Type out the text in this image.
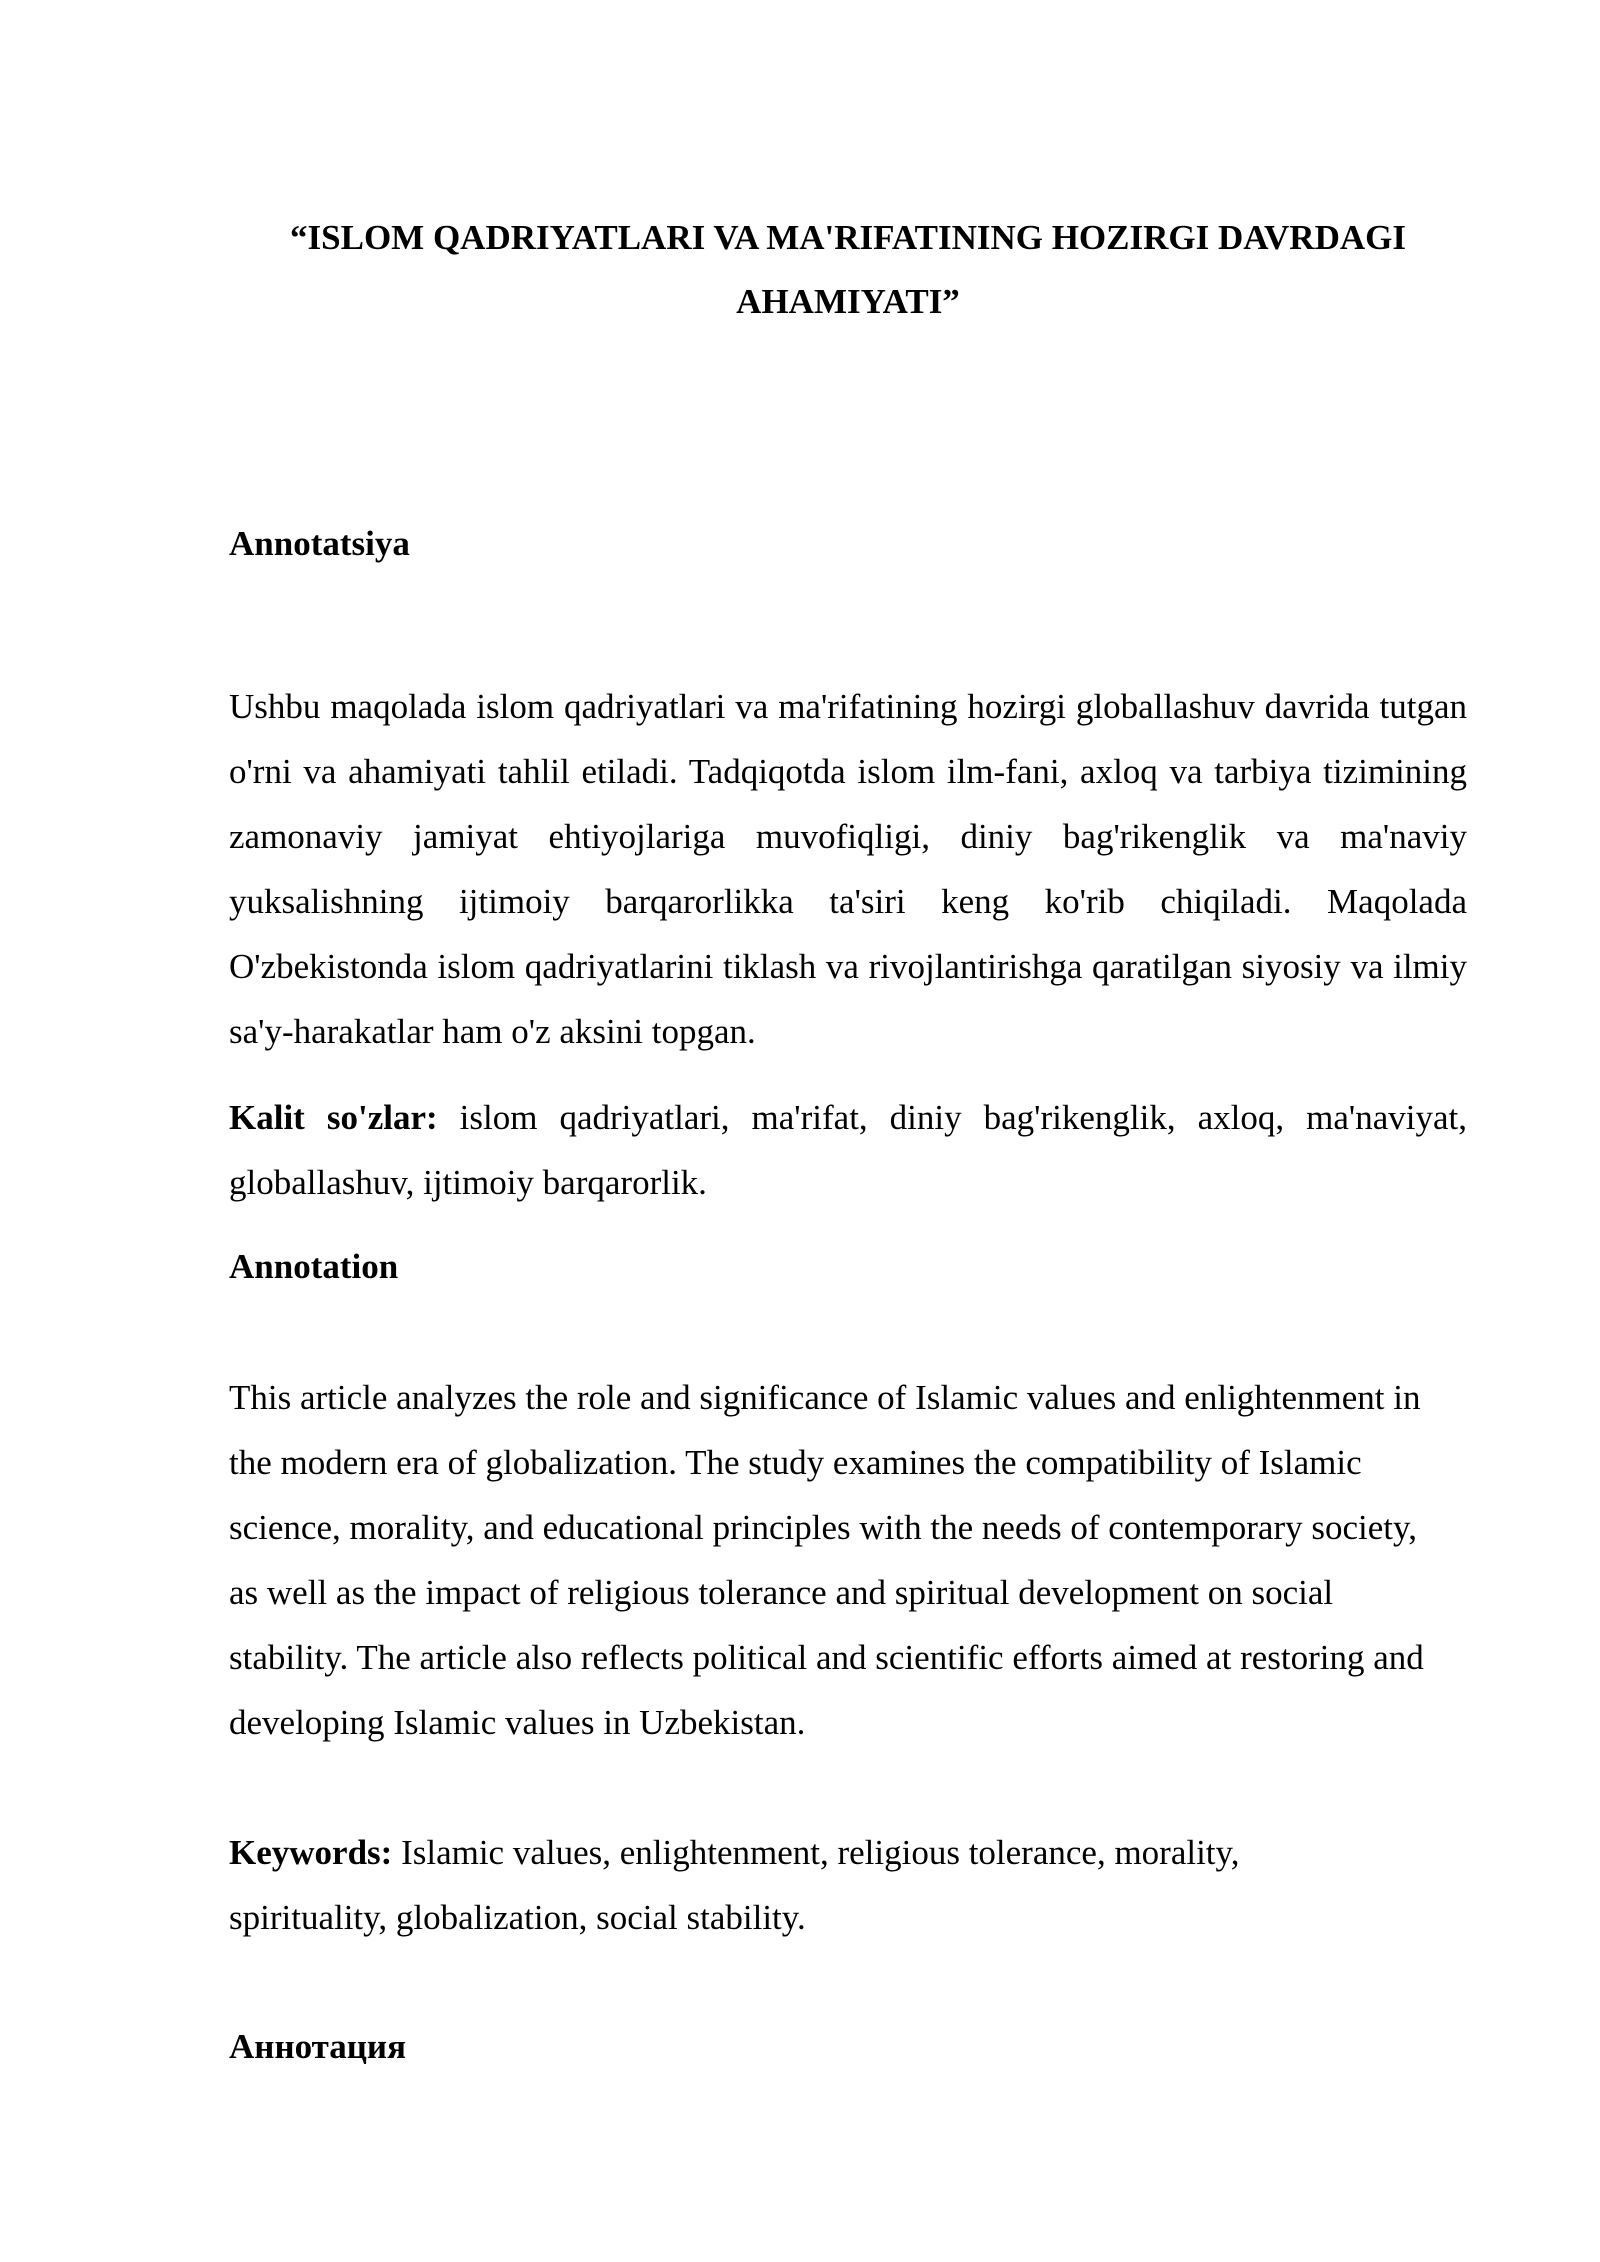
“ISLOM QADRIYATLARI VA MA'RIFATINING HOZIRGI DAVRDAGI AHAMIYATI”
Annotatsiya

Ushbu maqolada islom qadriyatlari va ma'rifatining hozirgi globallashuv davrida tutgan o'rni va ahamiyati tahlil etiladi. Tadqiqotda islom ilm-fani, axloq va tarbiya tizimining zamonaviy jamiyat ehtiyojlariga muvofiqligi, diniy bag'rikenglik va ma'naviy yuksalishning ijtimoiy barqarorlikka ta'siri keng ko'rib chiqiladi. Maqolada O'zbekistonda islom qadriyatlarini tiklash va rivojlantirishga qaratilgan siyosiy va ilmiy sa'y-harakatlar ham o'z aksini topgan.

Kalit so'zlar: islom qadriyatlari, ma'rifat, diniy bag'rikenglik, axloq, ma'naviyat, globallashuv, ijtimoiy barqarorlik.

Annotation

This article analyzes the role and significance of Islamic values and enlightenment in the modern era of globalization. The study examines the compatibility of Islamic science, morality, and educational principles with the needs of contemporary society, as well as the impact of religious tolerance and spiritual development on social stability. The article also reflects political and scientific efforts aimed at restoring and developing Islamic values in Uzbekistan.

Keywords: Islamic values, enlightenment, religious tolerance, morality, spirituality, globalization, social stability.

Аннотация
